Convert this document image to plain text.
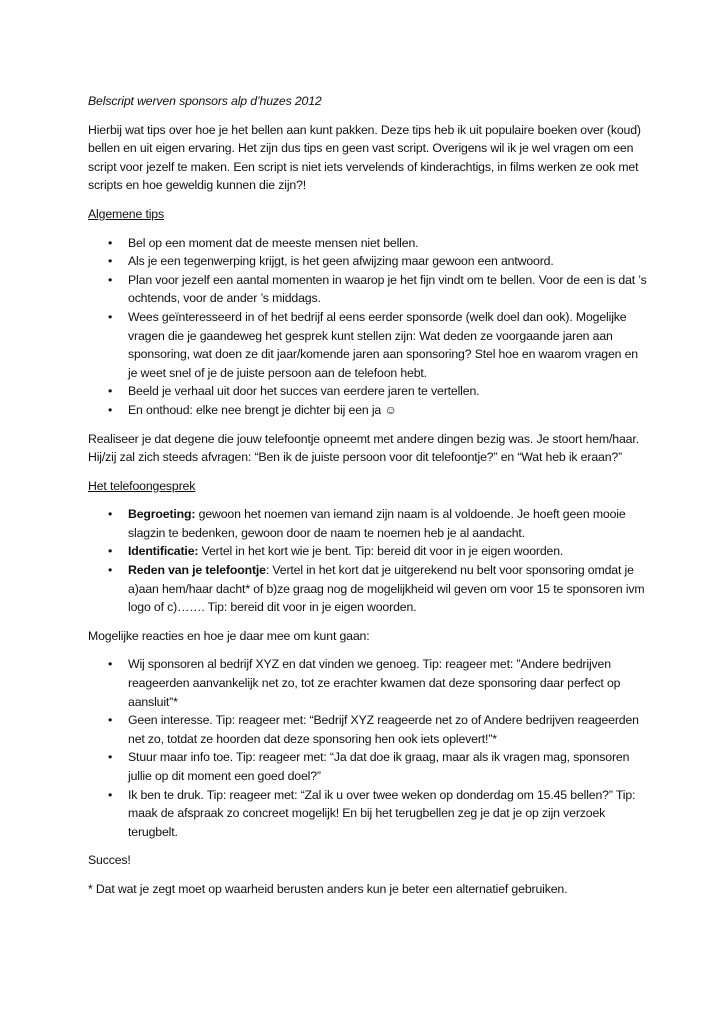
Belscript werven sponsors alp d’huzes 2012

Hierbij wat tips over hoe je het bellen aan kunt pakken. Deze tips heb ik uit populaire boeken over (koud) bellen en uit eigen ervaring. Het zijn dus tips en geen vast script. Overigens wil ik je wel vragen om een script voor jezelf te maken. Een script is niet iets vervelends of kinderachtigs, in films werken ze ook met scripts en hoe geweldig kunnen die zijn?!

Algemene tips
• Bel op een moment dat de meeste mensen niet bellen.
• Als je een tegenwerping krijgt, is het geen afwijzing maar gewoon een antwoord.
• Plan voor jezelf een aantal momenten in waarop je het fijn vindt om te bellen. Voor de een is dat ’s ochtends, voor de ander ’s middags.
• Wees geïnteresseerd in of het bedrijf al eens eerder sponsorde (welk doel dan ook). Mogelijke vragen die je gaandeweg het gesprek kunt stellen zijn: Wat deden ze voorgaande jaren aan sponsoring, wat doen ze dit jaar/komende jaren aan sponsoring? Stel hoe en waarom vragen en je weet snel of je de juiste persoon aan de telefoon hebt.
• Beeld je verhaal uit door het succes van eerdere jaren te vertellen.
• En onthoud: elke nee brengt je dichter bij een ja ☺

Realiseer je dat degene die jouw telefoontje opneemt met andere dingen bezig was. Je stoort hem/haar. Hij/zij zal zich steeds afvragen: “Ben ik de juiste persoon voor dit telefoontje?” en “Wat heb ik eraan?”

Het telefoongesprek
• Begroeting: gewoon het noemen van iemand zijn naam is al voldoende. Je hoeft geen mooie slagzin te bedenken, gewoon door de naam te noemen heb je al aandacht.
• Identificatie: Vertel in het kort wie je bent. Tip: bereid dit voor in je eigen woorden.
• Reden van je telefoontje: Vertel in het kort dat je uitgerekend nu belt voor sponsoring omdat je a)aan hem/haar dacht* of b)ze graag nog de mogelijkheid wil geven om voor 15 te sponsoren ivm logo of c)……. Tip: bereid dit voor in je eigen woorden.

Mogelijke reacties en hoe je daar mee om kunt gaan:

• Wij sponsoren al bedrijf XYZ en dat vinden we genoeg. Tip: reageer met: ”Andere bedrijven reageerden aanvankelijk net zo, tot ze erachter kwamen dat deze sponsoring daar perfect op aansluit”*
• Geen interesse. Tip: reageer met: “Bedrijf XYZ reageerde net zo of Andere bedrijven reageerden net zo, totdat ze hoorden dat deze sponsoring hen ook iets oplevert!”*
• Stuur maar info toe. Tip: reageer met: “Ja dat doe ik graag, maar als ik vragen mag, sponsoren jullie op dit moment een goed doel?”
• Ik ben te druk. Tip: reageer met: “Zal ik u over twee weken op donderdag om 15.45 bellen?” Tip: maak de afspraak zo concreet mogelijk! En bij het terugbellen zeg je dat je op zijn verzoek terugbelt.

Succes!

* Dat wat je zegt moet op waarheid berusten anders kun je beter een alternatief gebruiken.
